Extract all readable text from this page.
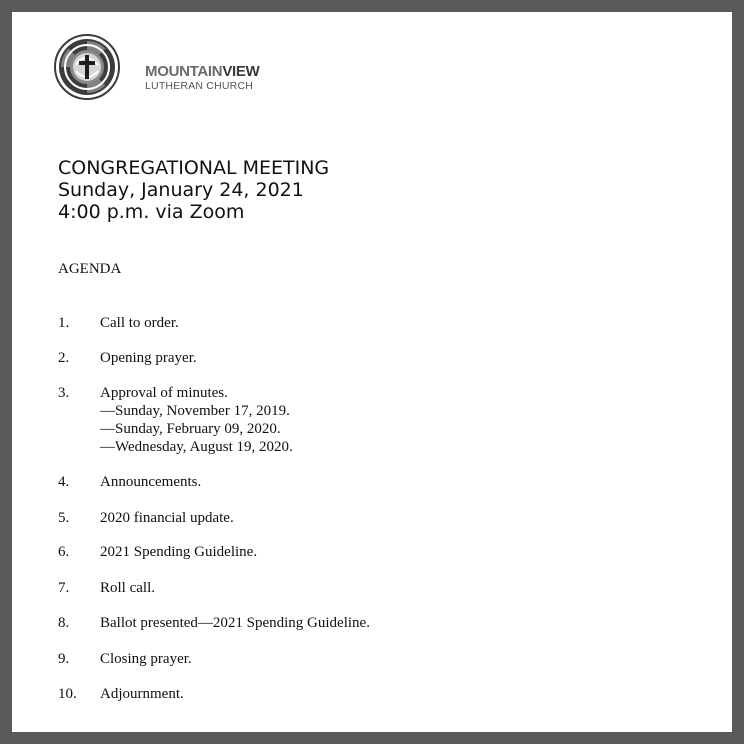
MOUNTAINVIEW
LUTHERAN CHURCH
CONGREGATIONAL MEETING
Sunday, January 24, 2021
4:00 p.m. via Zoom
AGENDA
1.	Call to order.
2.	Opening prayer.
3.	Approval of minutes.
—Sunday, November 17, 2019.
—Sunday, February 09, 2020.
—Wednesday, August 19, 2020.
4.	Announcements.
5.	2020 financial update.
6.	2021 Spending Guideline.
7.	Roll call.
8.	Ballot presented—2021 Spending Guideline.
9.	Closing prayer.
10.	Adjournment.
